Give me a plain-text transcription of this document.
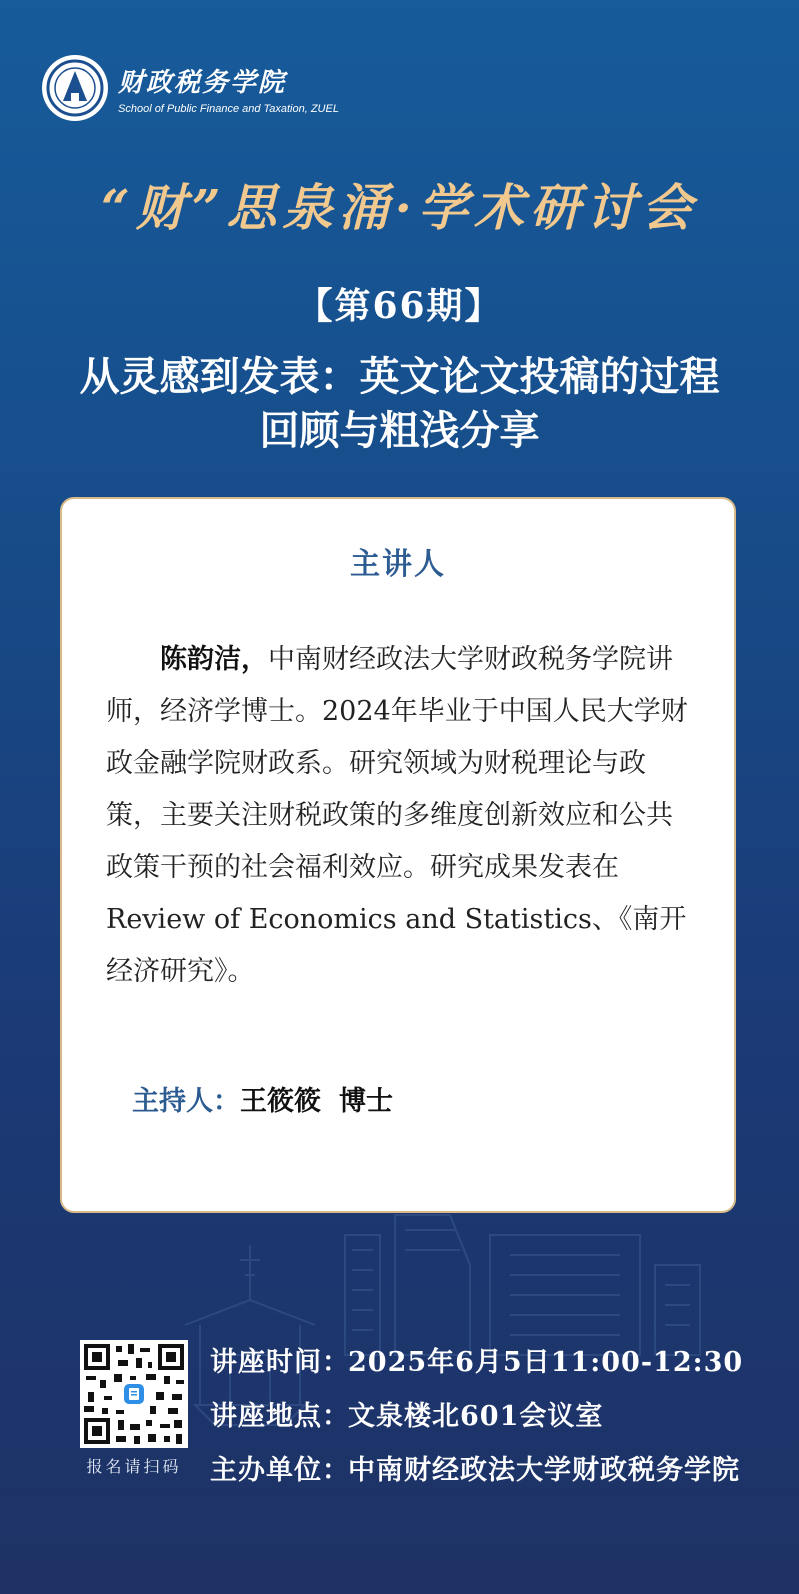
财政税务学院
School of Public Finance and Taxation, ZUEL
“财”思泉涌·学术研讨会
【第66期】
从灵感到发表：英文论文投稿的过程
回顾与粗浅分享
主讲人
陈韵洁，中南财经政法大学财政税务学院讲师，经济学博士。2024年毕业于中国人民大学财政金融学院财政系。研究领域为财税理论与政策，主要关注财税政策的多维度创新效应和公共政策干预的社会福利效应。研究成果发表在Review of Economics and Statistics、《南开经济研究》。
主持人：王筱筱 博士
报名请扫码
讲座时间：
2025年6月5日11:00-12:30
讲座地点：
文泉楼北601会议室
主办单位：
中南财经政法大学财政税务学院
